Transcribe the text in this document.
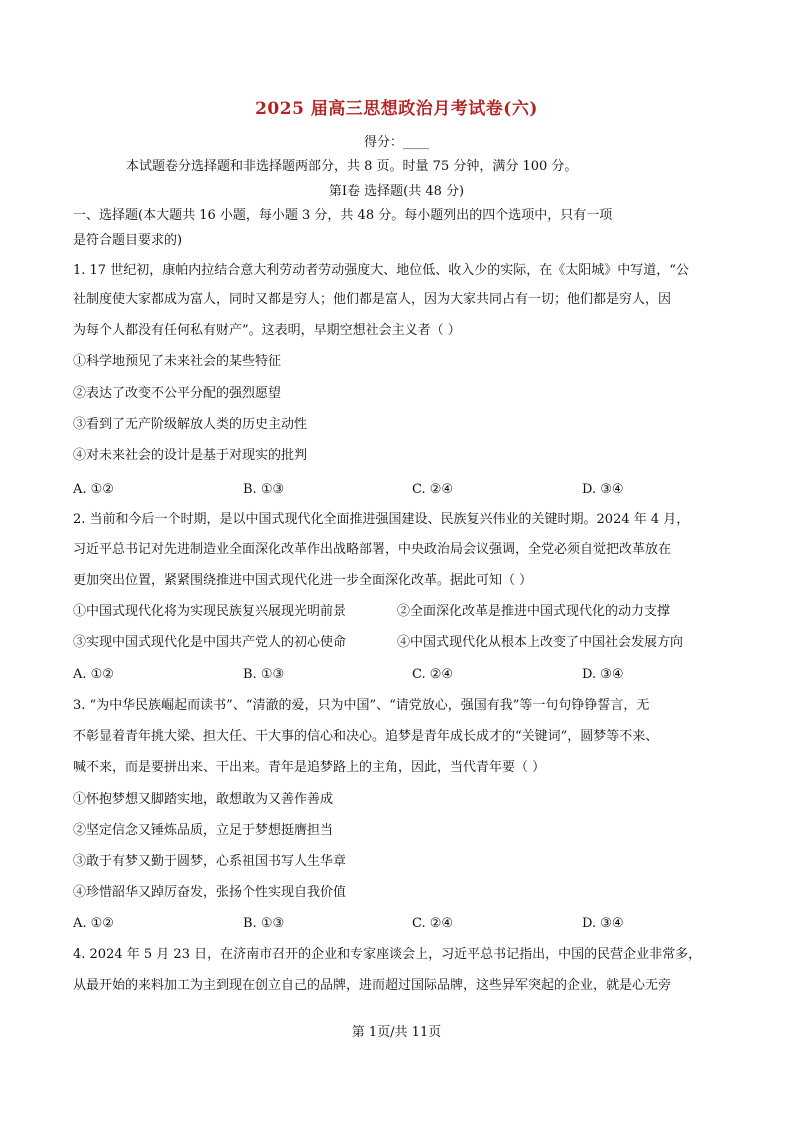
2025 届高三思想政治月考试卷(六)
得分：____
本试题卷分选择题和非选择题两部分，共 8 页。时量 75 分钟，满分 100 分。
第Ⅰ卷 选择题(共 48 分)
一、选择题(本大题共 16 小题，每小题 3 分，共 48 分。每小题列出的四个选项中，只有一项
是符合题目要求的)
1. 17 世纪初，康帕内拉结合意大利劳动者劳动强度大、地位低、收入少的实际，在《太阳城》中写道，“公
社制度使大家都成为富人，同时又都是穷人；他们都是富人，因为大家共同占有一切；他们都是穷人，因
为每个人都没有任何私有财产”。这表明，早期空想社会主义者（ ）
①科学地预见了未来社会的某些特征
②表达了改变不公平分配的强烈愿望
③看到了无产阶级解放人类的历史主动性
④对未来社会的设计是基于对现实的批判
A. ①②	B. ①③	C. ②④	D. ③④
2. 当前和今后一个时期，是以中国式现代化全面推进强国建设、民族复兴伟业的关键时期。2024 年 4 月，
习近平总书记对先进制造业全面深化改革作出战略部署，中央政治局会议强调，全党必须自觉把改革放在
更加突出位置，紧紧围绕推进中国式现代化进一步全面深化改革。据此可知（ ）
①中国式现代化将为实现民族复兴展现光明前景	②全面深化改革是推进中国式现代化的动力支撑
③实现中国式现代化是中国共产党人的初心使命	④中国式现代化从根本上改变了中国社会发展方向
A. ①②	B. ①③	C. ②④	D. ③④
3. “为中华民族崛起而读书”、“清澈的爱，只为中国”、“请党放心，强国有我”等一句句铮铮誓言，无
不彰显着青年挑大梁、担大任、干大事的信心和决心。追梦是青年成长成才的“关键词”，圆梦等不来、
喊不来，而是要拼出来、干出来。青年是追梦路上的主角，因此，当代青年要（ ）
①怀抱梦想又脚踏实地，敢想敢为又善作善成
②坚定信念又锤炼品质，立足于梦想挺膺担当
③敢于有梦又勤于圆梦，心系祖国书写人生华章
④珍惜韶华又踔厉奋发，张扬个性实现自我价值
A. ①②	B. ①③	C. ②④	D. ③④
4. 2024 年 5 月 23 日，在济南市召开的企业和专家座谈会上，习近平总书记指出，中国的民营企业非常多，
从最开始的来料加工为主到现在创立自己的品牌，进而超过国际品牌，这些异军突起的企业，就是心无旁
第 1页/共 11页
